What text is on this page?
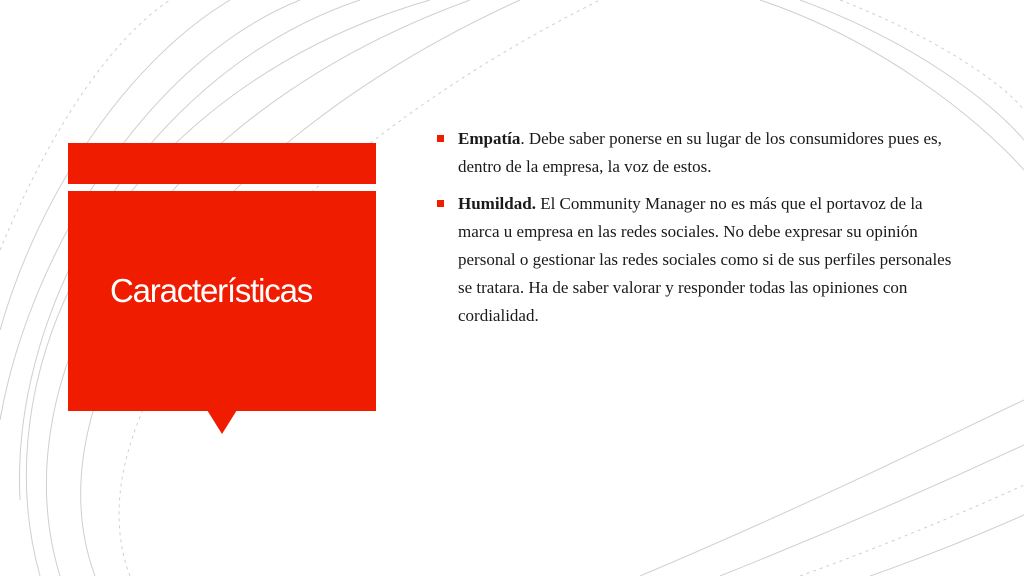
Características
Empatía. Debe saber ponerse en su lugar de los consumidores pues es, dentro de la empresa, la voz de estos.
Humildad. El Community Manager no es más que el portavoz de la marca u empresa en las redes sociales. No debe expresar su opinión personal o gestionar las redes sociales como si de sus perfiles personales se tratara. Ha de saber valorar y responder todas las opiniones con cordialidad.
